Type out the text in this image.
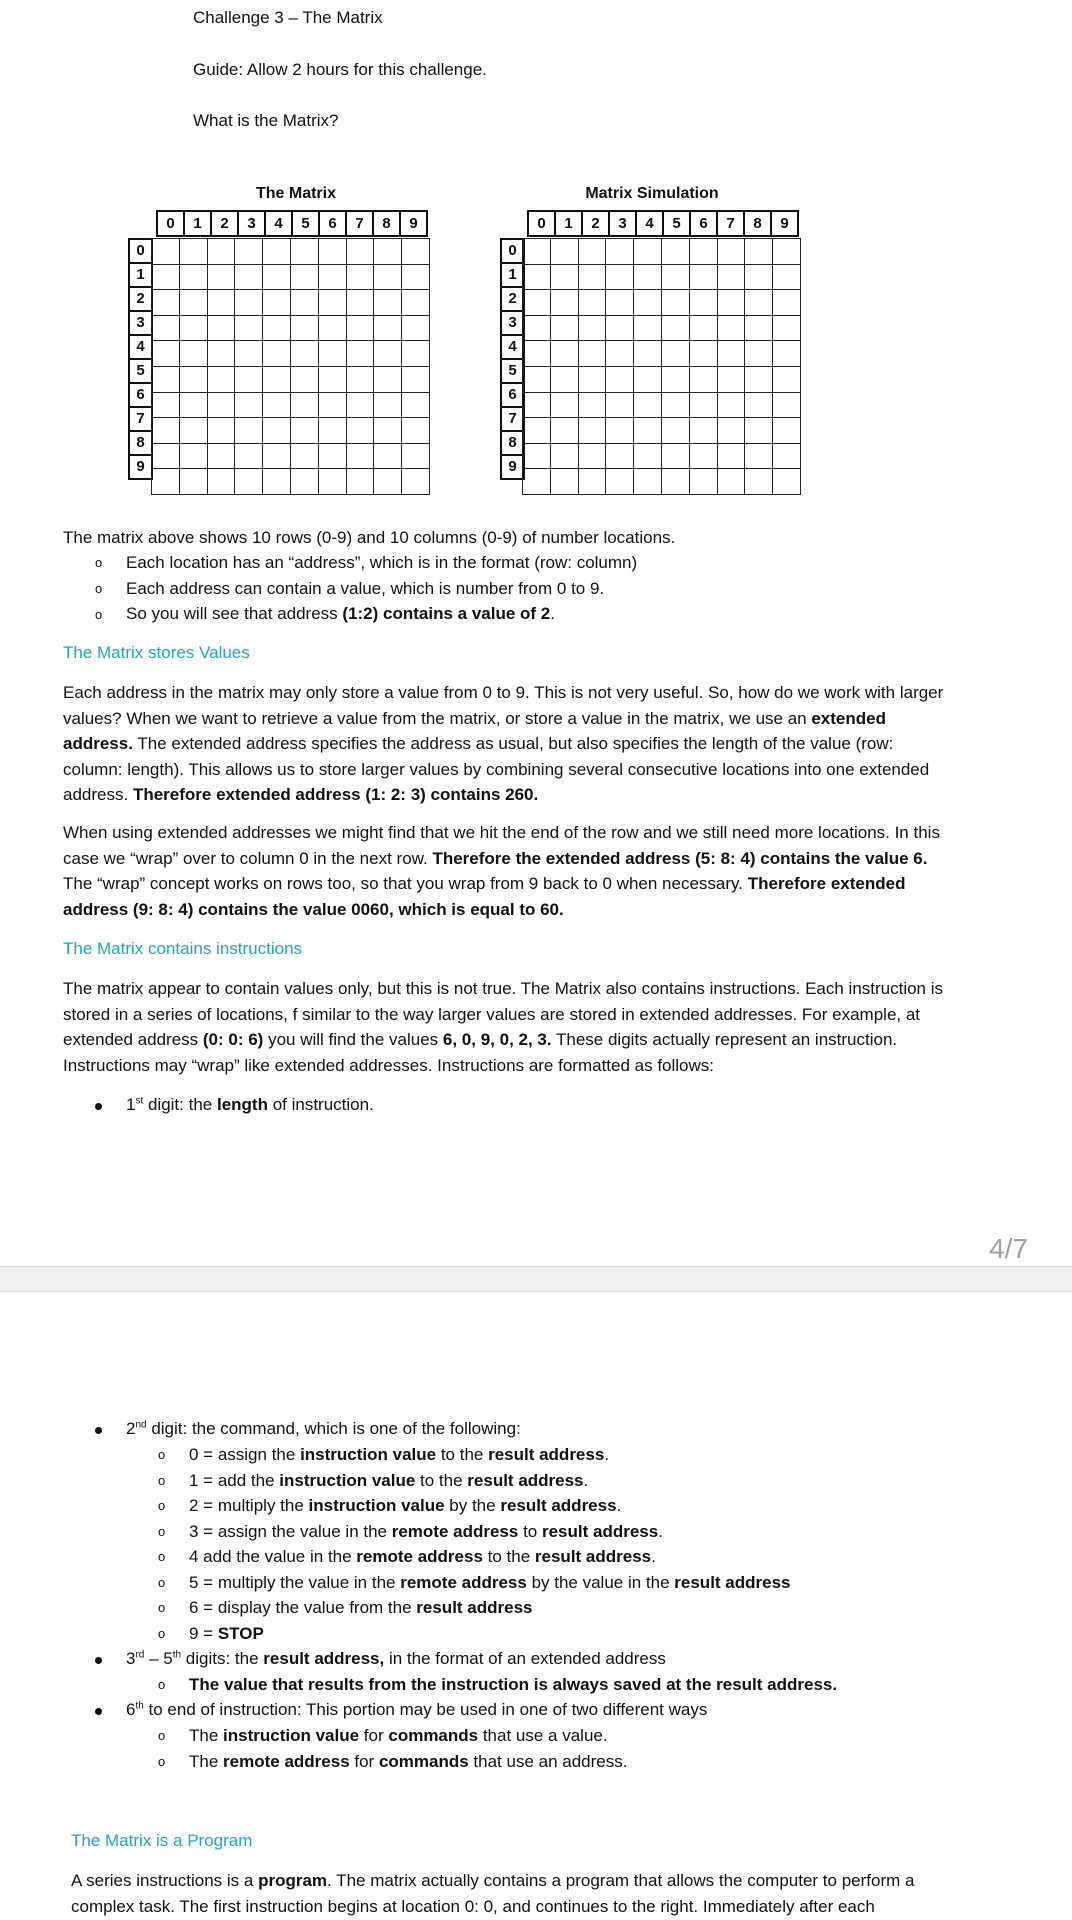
Challenge 3 – The Matrix
Guide: Allow 2 hours for this challenge.
What is the Matrix?
The Matrix
0	1	2	3	4	5	6	7	8	9
0
1
2
3
4
5
6
7
8
9

Matrix Simulation
0	1	2	3	4	5	6	7	8	9
0
1
2
3
4
5
6
7
8
9

The matrix above shows 10 rows (0-9) and 10 columns (0-9) of number locations.
o Each location has an “address”, which is in the format (row: column)
o Each address can contain a value, which is number from 0 to 9.
o So you will see that address (1:2) contains a value of 2.
The Matrix stores Values
Each address in the matrix may only store a value from 0 to 9. This is not very useful. So, how do we work with larger values? When we want to retrieve a value from the matrix, or store a value in the matrix, we use an extended address. The extended address specifies the address as usual, but also specifies the length of the value (row: column: length). This allows us to store larger values by combining several consecutive locations into one extended address. Therefore extended address (1: 2: 3) contains 260.
When using extended addresses we might find that we hit the end of the row and we still need more locations. In this case we “wrap” over to column 0 in the next row. Therefore the extended address (5: 8: 4) contains the value 6. The “wrap” concept works on rows too, so that you wrap from 9 back to 0 when necessary. Therefore extended address (9: 8: 4) contains the value 0060, which is equal to 60.
The Matrix contains instructions
The matrix appear to contain values only, but this is not true. The Matrix also contains instructions. Each instruction is stored in a series of locations, f similar to the way larger values are stored in extended addresses. For example, at extended address (0: 0: 6) you will find the values 6, 0, 9, 0, 2, 3. These digits actually represent an instruction. Instructions may “wrap” like extended addresses. Instructions are formatted as follows:
1st digit: the length of instruction.
4/7
2nd digit: the command, which is one of the following:
o 0 = assign the instruction value to the result address.
o 1 = add the instruction value to the result address.
o 2 = multiply the instruction value by the result address.
o 3 = assign the value in the remote address to result address.
o 4 add the value in the remote address to the result address.
o 5 = multiply the value in the remote address by the value in the result address
o 6 = display the value from the result address
o 9 = STOP
3rd – 5th digits: the result address, in the format of an extended address
o The value that results from the instruction is always saved at the result address.
6th to end of instruction: This portion may be used in one of two different ways
o The instruction value for commands that use a value.
o The remote address for commands that use an address.
The Matrix is a Program
A series instructions is a program. The matrix actually contains a program that allows the computer to perform a complex task. The first instruction begins at location 0: 0, and continues to the right. Immediately after each
